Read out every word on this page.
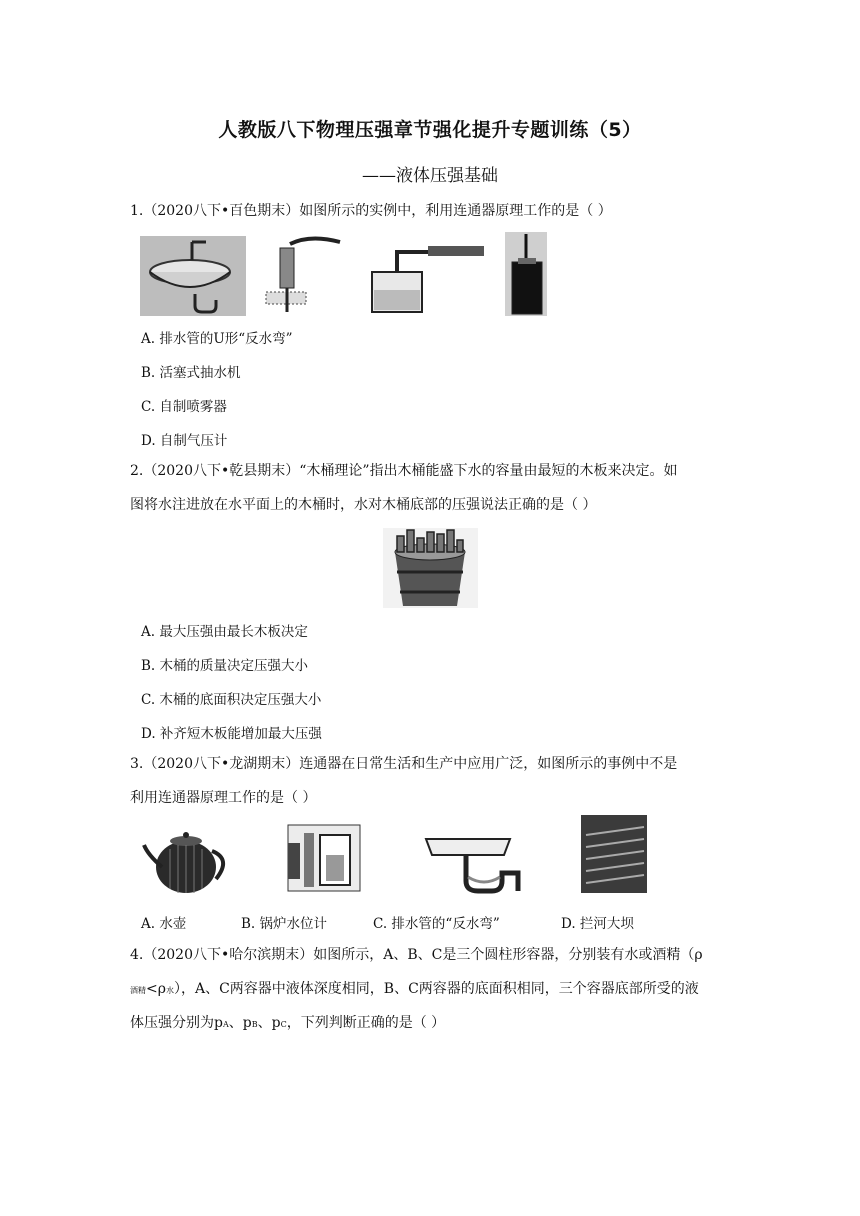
人教版八下物理压强章节强化提升专题训练（5）
——液体压强基础
1.（2020八下•百色期末）如图所示的实例中，利用连通器原理工作的是（ ）
A. 排水管的U形“反水弯”
B. 活塞式抽水机
C. 自制喷雾器
D. 自制气压计
2.（2020八下•乾县期末）“木桶理论”指出木桶能盛下水的容量由最短的木板来决定。如
图将水注进放在水平面上的木桶时，水对木桶底部的压强说法正确的是（ ）
A. 最大压强由最长木板决定
B. 木桶的质量决定压强大小
C. 木桶的底面积决定压强大小
D. 补齐短木板能增加最大压强
3.（2020八下•龙湖期末）连通器在日常生活和生产中应用广泛，如图所示的事例中不是
利用连通器原理工作的是（ ）
A. 水壶	B. 锅炉水位计	C. 排水管的“反水弯”	D. 拦河大坝
4.（2020八下•哈尔滨期末）如图所示，A、B、C是三个圆柱形容器，分别装有水或酒精（ρ
酒精<ρ水），A、C两容器中液体深度相同，B、C两容器的底面积相同，三个容器底部所受的液
体压强分别为pA、pB、pC，下列判断正确的是（ ）
